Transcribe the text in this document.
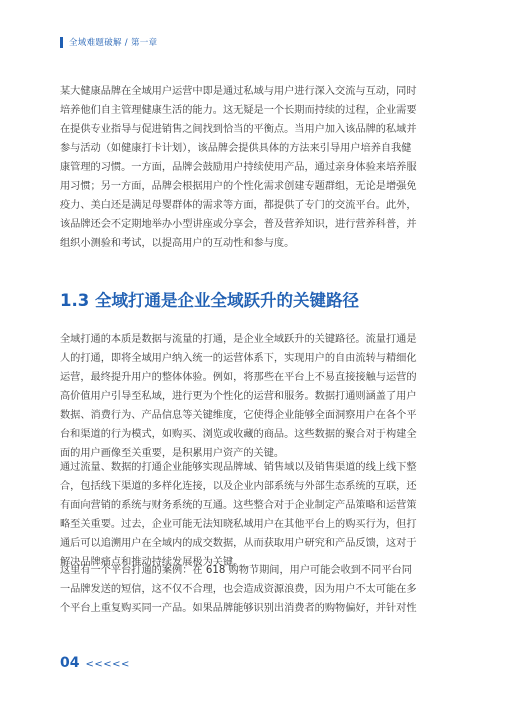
全域难题破解 / 第一章

某大健康品牌在全域用户运营中即是通过私域与用户进行深入交流与互动，同时
培养他们自主管理健康生活的能力。这无疑是一个长期而持续的过程，企业需要
在提供专业指导与促进销售之间找到恰当的平衡点。当用户加入该品牌的私域并
参与活动（如健康打卡计划），该品牌会提供具体的方法来引导用户培养自我健
康管理的习惯。一方面，品牌会鼓励用户持续使用产品，通过亲身体验来培养服
用习惯；另一方面，品牌会根据用户的个性化需求创建专题群组，无论是增强免
疫力、美白还是满足母婴群体的需求等方面，都提供了专门的交流平台。此外，
该品牌还会不定期地举办小型讲座或分享会，普及营养知识，进行营养科普，并
组织小测验和考试，以提高用户的互动性和参与度。

1.3 全域打通是企业全域跃升的关键路径

全域打通的本质是数据与流量的打通，是企业全域跃升的关键路径。流量打通是
人的打通，即将全域用户纳入统一的运营体系下，实现用户的自由流转与精细化
运营，最终提升用户的整体体验。例如，将那些在平台上不易直接接触与运营的
高价值用户引导至私域，进行更为个性化的运营和服务。数据打通则涵盖了用户
数据、消费行为、产品信息等关键维度，它使得企业能够全面洞察用户在各个平
台和渠道的行为模式，如购买、浏览或收藏的商品。这些数据的聚合对于构建全
面的用户画像至关重要，是积累用户资产的关键。

通过流量、数据的打通企业能够实现品牌域、销售域以及销售渠道的线上线下整
合，包括线下渠道的多样化连接，以及企业内部系统与外部生态系统的互联，还
有面向营销的系统与财务系统的互通。这些整合对于企业制定产品策略和运营策
略至关重要。过去，企业可能无法知晓私域用户在其他平台上的购买行为，但打
通后可以追溯用户在全域内的成交数据，从而获取用户研究和产品反馈，这对于
解决品牌痛点和推动持续发展极为关键。

这里有一个平台打通的案例：在 618 购物节期间，用户可能会收到不同平台同
一品牌发送的短信，这不仅不合理，也会造成资源浪费，因为用户不太可能在多
个平台上重复购买同一产品。如果品牌能够识别出消费者的购物偏好，并针对性

04 <<<<<
